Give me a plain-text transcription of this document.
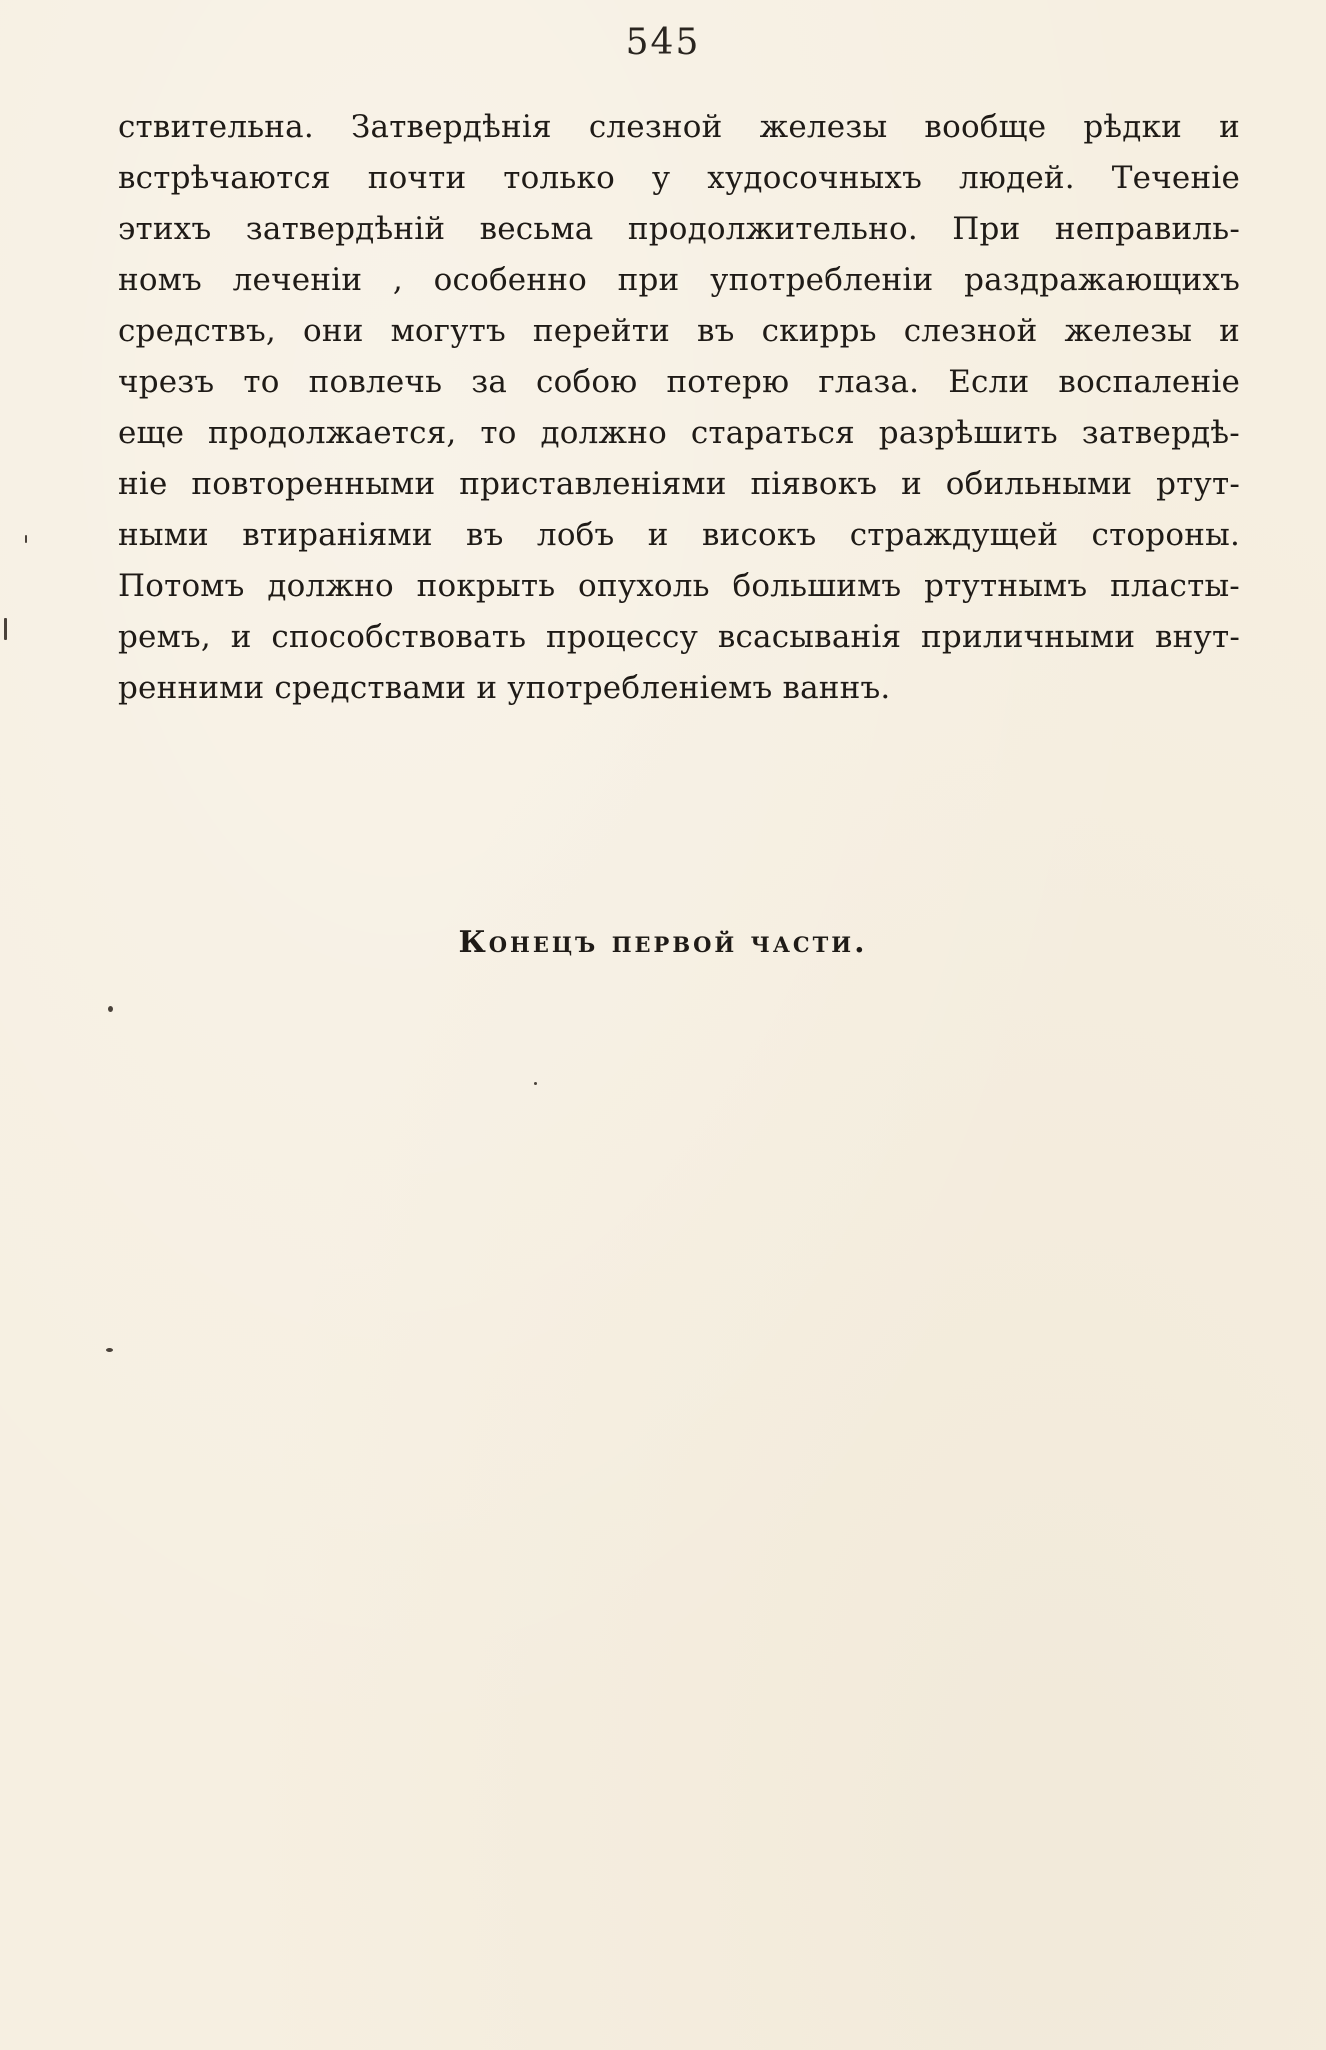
545
ствительна. Затвердѣнія слезной железы вообще рѣдки и
встрѣчаются почти только у худосочныхъ людей. Теченіе
этихъ затвердѣній весьма продолжительно. При неправиль-
номъ леченіи , особенно при употребленіи раздражающихъ
средствъ, они могутъ перейти въ скиррь слезной железы и
чрезъ то повлечь за собою потерю глаза. Если воспаленіе
еще продолжается, то должно стараться разрѣшить затвердѣ-
ніе повторенными приставленіями піявокъ и обильными ртут-
ными втираніями въ лобъ и високъ страждущей стороны.
Потомъ должно покрыть опухоль большимъ ртутнымъ пласты-
ремъ, и способствовать процессу всасыванія приличными внут-
ренними средствами и употребленіемъ ваннъ.
Конецъ первой части.
